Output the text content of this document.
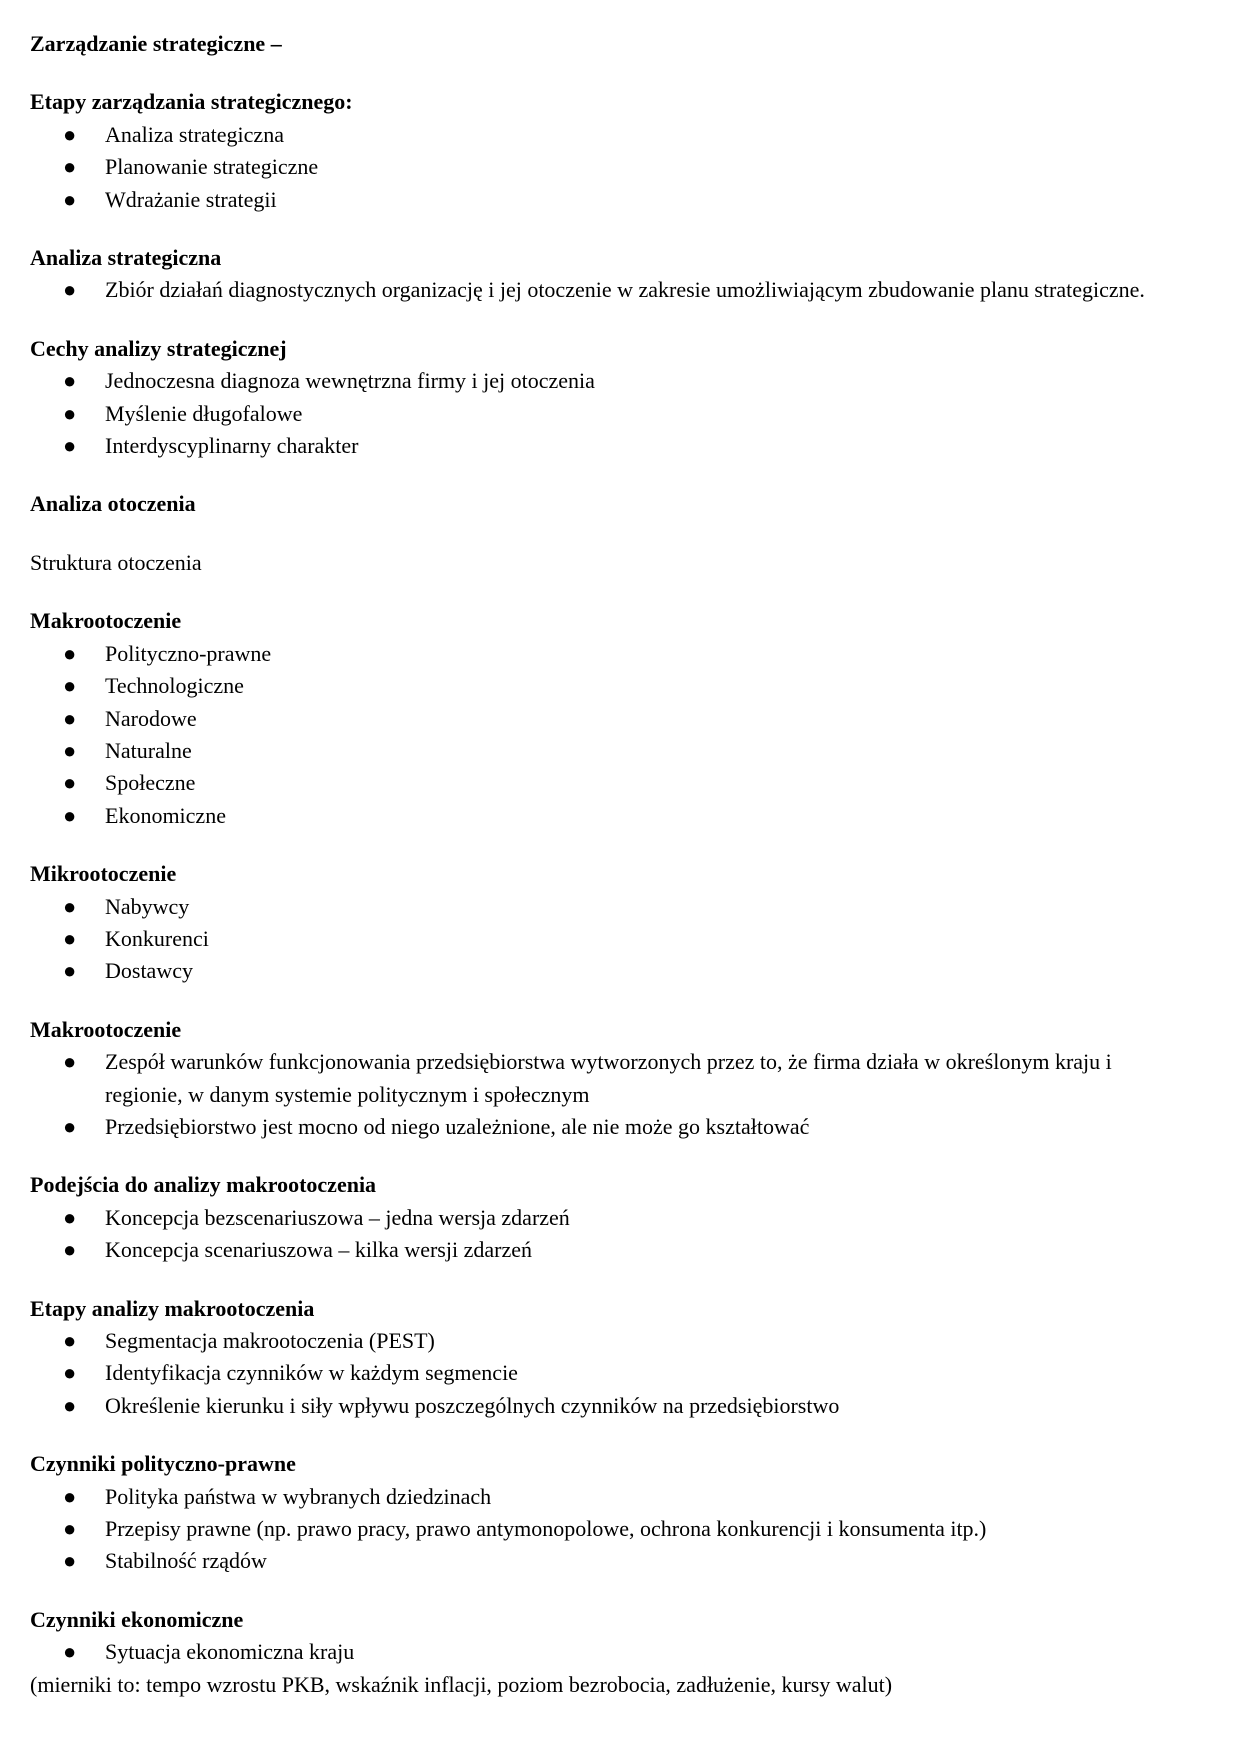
Zarządzanie strategiczne –
Etapy zarządzania strategicznego:
● Analiza strategiczna
● Planowanie strategiczne
● Wdrażanie strategii
Analiza strategiczna
● Zbiór działań diagnostycznych organizację i jej otoczenie w zakresie umożliwiającym zbudowanie planu strategiczne.
Cechy analizy strategicznej
● Jednoczesna diagnoza wewnętrzna firmy i jej otoczenia
● Myślenie długofalowe
● Interdyscyplinarny charakter
Analiza otoczenia
Struktura otoczenia
Makrootoczenie
● Polityczno-prawne
● Technologiczne
● Narodowe
● Naturalne
● Społeczne
● Ekonomiczne
Mikrootoczenie
● Nabywcy
● Konkurenci
● Dostawcy
Makrootoczenie
● Zespół warunków funkcjonowania przedsiębiorstwa wytworzonych przez to, że firma działa w określonym kraju i regionie, w danym systemie politycznym i społecznym
● Przedsiębiorstwo jest mocno od niego uzależnione, ale nie może go kształtować
Podejścia do analizy makrootoczenia
● Koncepcja bezscenariuszowa – jedna wersja zdarzeń
● Koncepcja scenariuszowa – kilka wersji zdarzeń
Etapy analizy makrootoczenia
● Segmentacja makrootoczenia (PEST)
● Identyfikacja czynników w każdym segmencie
● Określenie kierunku i siły wpływu poszczególnych czynników na przedsiębiorstwo
Czynniki polityczno-prawne
● Polityka państwa w wybranych dziedzinach
● Przepisy prawne (np. prawo pracy, prawo antymonopolowe, ochrona konkurencji i konsumenta itp.)
● Stabilność rządów
Czynniki ekonomiczne
● Sytuacja ekonomiczna kraju
(mierniki to: tempo wzrostu PKB, wskaźnik inflacji, poziom bezrobocia, zadłużenie, kursy walut)
